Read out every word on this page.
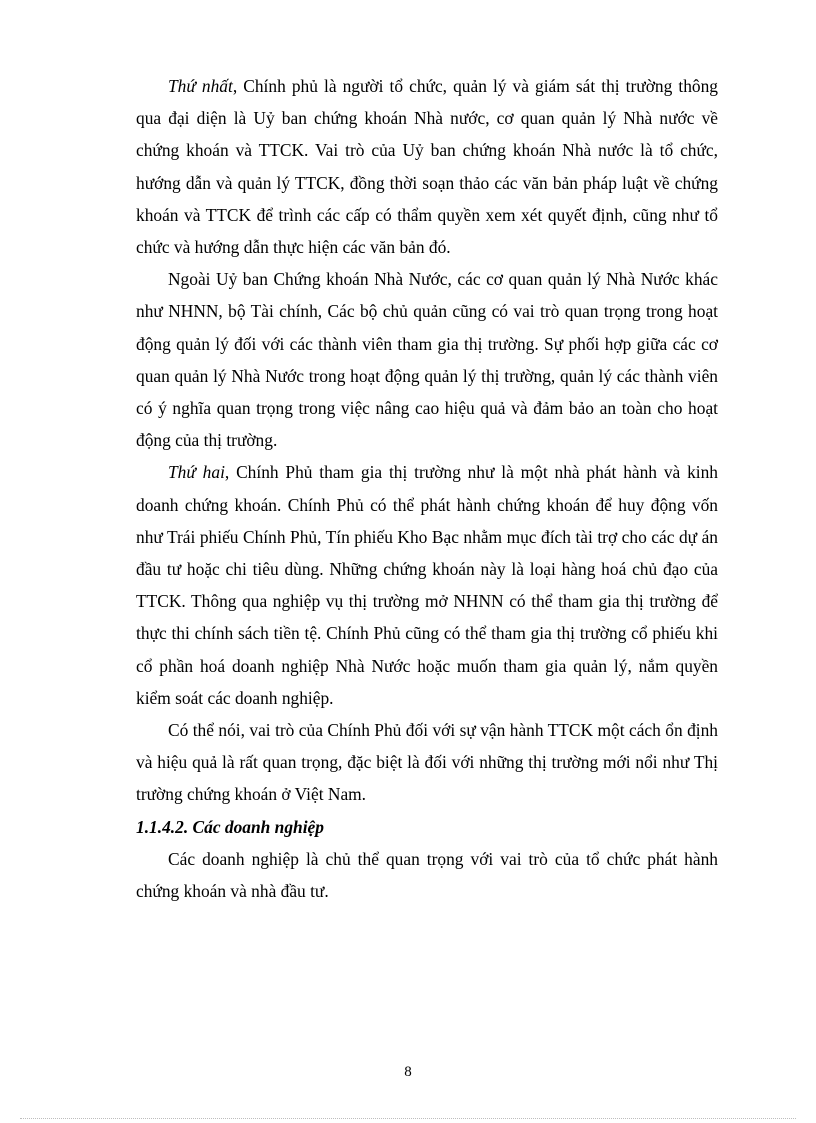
Thứ nhất, Chính phủ là người tổ chức, quản lý và giám sát thị trường thông qua đại diện là Uỷ ban chứng khoán Nhà nước, cơ quan quản lý Nhà nước về chứng khoán và TTCK. Vai trò của Uỷ ban chứng khoán Nhà nước là tổ chức, hướng dẫn và quản lý TTCK, đồng thời soạn thảo các văn bản pháp luật về chứng khoán và TTCK để trình các cấp có thẩm quyền xem xét quyết định, cũng như tổ chức và hướng dẫn thực hiện các văn bản đó.

Ngoài Uỷ ban Chứng khoán Nhà Nước, các cơ quan quản lý Nhà Nước khác như NHNN, bộ Tài chính, Các bộ chủ quản cũng có vai trò quan trọng trong hoạt động quản lý đối với các thành viên tham gia thị trường. Sự phối hợp giữa các cơ quan quản lý Nhà Nước trong hoạt động quản lý thị trường, quản lý các thành viên có ý nghĩa quan trọng trong việc nâng cao hiệu quả và đảm bảo an toàn cho hoạt động của thị trường.

Thứ hai, Chính Phủ tham gia thị trường như là một nhà phát hành và kinh doanh chứng khoán. Chính Phủ có thể phát hành chứng khoán để huy động vốn như Trái phiếu Chính Phủ, Tín phiếu Kho Bạc nhằm mục đích tài trợ cho các dự án đầu tư hoặc chi tiêu dùng. Những chứng khoán này là loại hàng hoá chủ đạo của TTCK. Thông qua nghiệp vụ thị trường mở NHNN có thể tham gia thị trường để thực thi chính sách tiền tệ. Chính Phủ cũng có thể tham gia thị trường cổ phiếu khi cổ phần hoá doanh nghiệp Nhà Nước hoặc muốn tham gia quản lý, nắm quyền kiểm soát các doanh nghiệp.

Có thể nói, vai trò của Chính Phủ đối với sự vận hành TTCK một cách ổn định và hiệu quả là rất quan trọng, đặc biệt là đối với những thị trường mới nổi như Thị trường chứng khoán ở Việt Nam.

1.1.4.2. Các doanh nghiệp

Các doanh nghiệp là chủ thể quan trọng với vai trò của tổ chức phát hành chứng khoán và nhà đầu tư.

8
